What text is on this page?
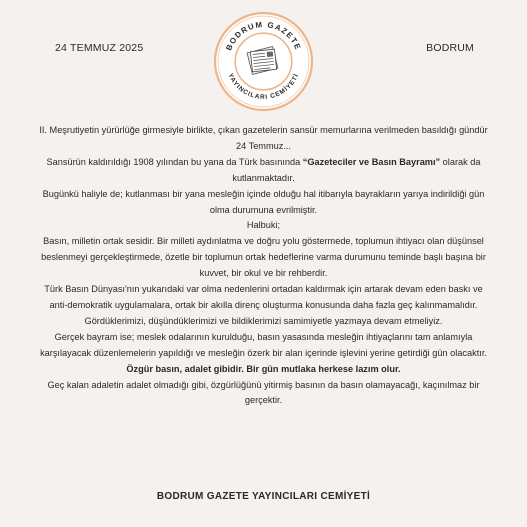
24 TEMMUZ 2025	BODRUM
BODRUM GAZETE
YAYINCILARI CEMİYETİ

II. Meşrutiyetin yürürlüğe girmesiyle birlikte, çıkan gazetelerin sansür memurlarına verilmeden basıldığı gündür 24 Temmuz...

Sansürün kaldırıldığı 1908 yılından bu yana da Türk basınında “Gazeteciler ve Basın Bayramı” olarak da kutlanmaktadır.

Bugünkü haliyle de; kutlanması bir yana mesleğin içinde olduğu hal itibarıyla bayrakların yarıya indirildiği gün olma durumuna evrilmiştir.

Halbuki;

Basın, milletin ortak sesidir. Bir milleti aydınlatma ve doğru yolu göstermede, toplumun ihtiyacı olan düşünsel beslenmeyi gerçekleştirmede, özetle bir toplumun ortak hedeflerine varma durumunu teminde başlı başına bir kuvvet, bir okul ve bir rehberdir.

Türk Basın Dünyası'nın yukarıdaki var olma nedenlerini ortadan kaldırmak için artarak devam eden baskı ve anti-demokratik uygulamalara, ortak bir akılla direnç oluşturma konusunda daha fazla geç kalınmamalıdır.

Gördüklerimizi, düşündüklerimizi ve bildiklerimizi samimiyetle yazmaya devam etmeliyiz.

Gerçek bayram ise; meslek odalarının kurulduğu, basın yasasında mesleğin ihtiyaçlarını tam anlamıyla karşılayacak düzenlemelerin yapıldığı ve mesleğin özerk bir alan içerinde işlevini yerine getirdiği gün olacaktır.

Özgür basın, adalet gibidir. Bir gün mutlaka herkese lazım olur.

Geç kalan adaletin adalet olmadığı gibi, özgürlüğünü yitirmiş basının da basın olamayacağı, kaçınılmaz bir gerçektir.

BODRUM GAZETE YAYINCILARI CEMİYETİ
